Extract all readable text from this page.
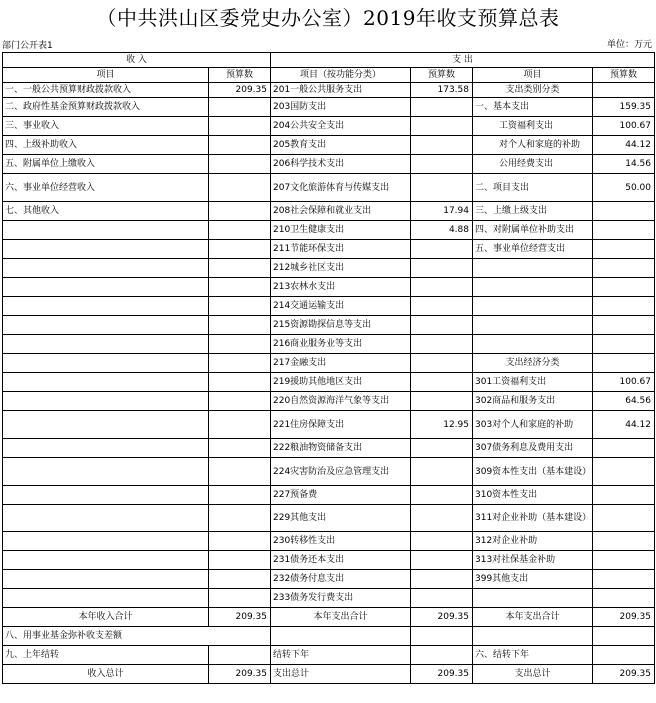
（中共洪山区委党史办公室）2019年收支预算总表
部门公开表1	单位：万元
收 入		支 出			
项目	预算数	项目（按功能分类）	预算数	项目	预算数
一、一般公共预算财政拨款收入	209.35	201一般公共服务支出	173.58	支出类别分类	
二、政府性基金预算财政拨款收入		203国防支出		一、基本支出	159.35
三、事业收入		204公共安全支出		工资福利支出	100.67
四、上级补助收入		205教育支出		对个人和家庭的补助	44.12
五、附属单位上缴收入		206科学技术支出		公用经费支出	14.56
六、事业单位经营收入		207文化旅游体育与传媒支出		二、项目支出	50.00
七、其他收入		208社会保障和就业支出	17.94	三、上缴上级支出	
		210卫生健康支出	4.88	四、对附属单位补助支出	
		211节能环保支出		五、事业单位经营支出	
		212城乡社区支出			
		213农林水支出			
		214交通运输支出			
		215资源勘探信息等支出			
		216商业服务业等支出			
		217金融支出		支出经济分类	
		219援助其他地区支出		301工资福利支出	100.67
		220自然资源海洋气象等支出		302商品和服务支出	64.56
		221住房保障支出	12.95	303对个人和家庭的补助	44.12
		222粮油物资储备支出		307债务利息及费用支出	
		224灾害防治及应急管理支出		309资本性支出（基本建设）	
		227预备费		310资本性支出	
		229其他支出		311对企业补助（基本建设）	
		230转移性支出		312对企业补助	
		231债务还本支出		313对社保基金补助	
		232债务付息支出		399其他支出	
		233债务发行费支出			
本年收入合计	209.35	本年支出合计	209.35	本年支出合计	209.35
八、用事业基金弥补收支差额					
九、上年结转		结转下年		六、结转下年	
收入总计	209.35	支出总计	209.35	支出总计	209.35
